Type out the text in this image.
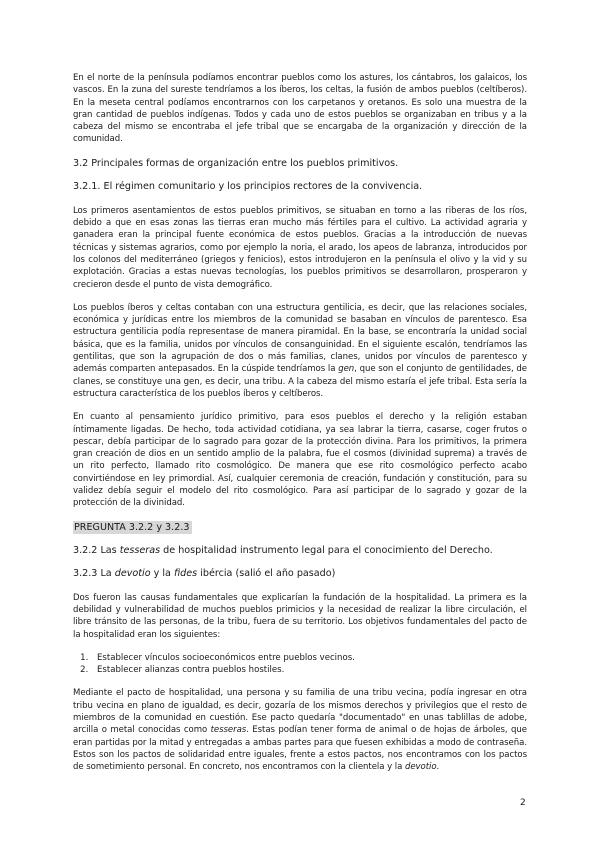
En el norte de la península podíamos encontrar pueblos como los astures, los cántabros, los galaicos, los vascos. En la zuna del sureste tendríamos a los íberos, los celtas, la fusión de ambos pueblos (celtíberos). En la meseta central podíamos encontrarnos con los carpetanos y oretanos. Es solo una muestra de la gran cantidad de pueblos indígenas. Todos y cada uno de estos pueblos se organizaban en tribus y a la cabeza del mismo se encontraba el jefe tribal que se encargaba de la organización y dirección de la comunidad.

3.2 Principales formas de organización entre los pueblos primitivos.
3.2.1. El régimen comunitario y los principios rectores de la convivencia.

Los primeros asentamientos de estos pueblos primitivos, se situaban en torno a las riberas de los ríos, debido a que en esas zonas las tierras eran mucho más fértiles para el cultivo. La actividad agraria y ganadera eran la principal fuente económica de estos pueblos. Gracias a la introducción de nuevas técnicas y sistemas agrarios, como por ejemplo la noria, el arado, los apeos de labranza, introducidos por los colonos del mediterráneo (griegos y fenicios), estos introdujeron en la península el olivo y la vid y su explotación. Gracias a estas nuevas tecnologías, los pueblos primitivos se desarrollaron, prosperaron y crecieron desde el punto de vista demográfico.

Los pueblos íberos y celtas contaban con una estructura gentilicia, es decir, que las relaciones sociales, económica y jurídicas entre los miembros de la comunidad se basaban en vínculos de parentesco. Esa estructura gentilicia podía representase de manera piramidal. En la base, se encontraría la unidad social básica, que es la familia, unidos por vínculos de consanguinidad. En el siguiente escalón, tendríamos las gentilitas, que son la agrupación de dos o más familias, clanes, unidos por vínculos de parentesco y además comparten antepasados. En la cúspide tendríamos la gen, que son el conjunto de gentilidades, de clanes, se constituye una gen, es decir, una tribu. A la cabeza del mismo estaría el jefe tribal. Esta sería la estructura característica de los pueblos íberos y celtíberos.

En cuanto al pensamiento jurídico primitivo, para esos pueblos el derecho y la religión estaban íntimamente ligadas. De hecho, toda actividad cotidiana, ya sea labrar la tierra, casarse, coger frutos o pescar, debía participar de lo sagrado para gozar de la protección divina. Para los primitivos, la primera gran creación de dios en un sentido amplio de la palabra, fue el cosmos (divinidad suprema) a través de un rito perfecto, llamado rito cosmológico. De manera que ese rito cosmológico perfecto acabo convirtiéndose en ley primordial. Así, cualquier ceremonia de creación, fundación y constitución, para su validez debía seguir el modelo del rito cosmológico. Para así participar de lo sagrado y gozar de la protección de la divinidad.

PREGUNTA 3.2.2 y 3.2.3
3.2.2 Las tesseras de hospitalidad instrumento legal para el conocimiento del Derecho.
3.2.3 La devotio y la fides ibércia (salió el año pasado)

Dos fueron las causas fundamentales que explicarían la fundación de la hospitalidad. La primera es la debilidad y vulnerabilidad de muchos pueblos primicios y la necesidad de realizar la libre circulación, el libre tránsito de las personas, de la tribu, fuera de su territorio. Los objetivos fundamentales del pacto de la hospitalidad eran los siguientes:

1. Establecer vínculos socioeconómicos entre pueblos vecinos.
2. Establecer alianzas contra pueblos hostiles.

Mediante el pacto de hospitalidad, una persona y su familia de una tribu vecina, podía ingresar en otra tribu vecina en plano de igualdad, es decir, gozaría de los mismos derechos y privilegios que el resto de miembros de la comunidad en cuestión. Ese pacto quedaría "documentado" en unas tablillas de adobe, arcilla o metal conocidas como tesseras. Estas podían tener forma de animal o de hojas de árboles, que eran partidas por la mitad y entregadas a ambas partes para que fuesen exhibidas a modo de contraseña. Estos son los pactos de solidaridad entre iguales, frente a estos pactos, nos encontramos con los pactos de sometimiento personal. En concreto, nos encontramos con la clientela y la devotio.

2
